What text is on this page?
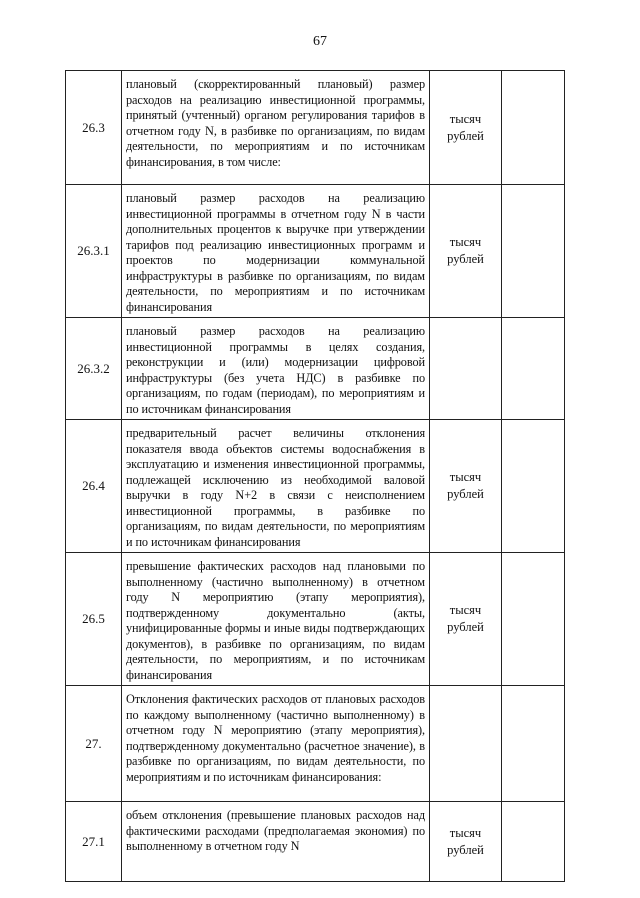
67
26.3	плановый (скорректированный плановый) размер расходов на реализацию инвестиционной программы, принятый (учтенный) органом регулирования тарифов в отчетном году N, в разбивке по организациям, по видам деятельности, по мероприятиям и по источникам финансирования, в том числе:	тысяч рублей	
26.3.1	плановый размер расходов на реализацию инвестиционной программы в отчетном году N в части дополнительных процентов к выручке при утверждении тарифов под реализацию инвестиционных программ и проектов по модернизации коммунальной инфраструктуры в разбивке по организациям, по видам деятельности, по мероприятиям и по источникам финансирования	тысяч рублей	
26.3.2	плановый размер расходов на реализацию инвестиционной программы в целях создания, реконструкции и (или) модернизации цифровой инфраструктуры (без учета НДС) в разбивке по организациям, по годам (периодам), по мероприятиям и по источникам финансирования		
26.4	предварительный расчет величины отклонения показателя ввода объектов системы водоснабжения в эксплуатацию и изменения инвестиционной программы, подлежащей исключению из необходимой валовой выручки в году N+2 в связи с неисполнением инвестиционной программы, в разбивке по организациям, по видам деятельности, по мероприятиям и по источникам финансирования	тысяч рублей	
26.5	превышение фактических расходов над плановыми по выполненному (частично выполненному) в отчетном году N мероприятию (этапу мероприятия), подтвержденному документально (акты, унифицированные формы и иные виды подтверждающих документов), в разбивке по организациям, по видам деятельности, по мероприятиям, и по источникам финансирования	тысяч рублей	
27.	Отклонения фактических расходов от плановых расходов по каждому выполненному (частично выполненному) в отчетном году N мероприятию (этапу мероприятия), подтвержденному документально (расчетное значение), в разбивке по организациям, по видам деятельности, по мероприятиям и по источникам финансирования:		
27.1	объем отклонения (превышение плановых расходов над фактическими расходами (предполагаемая экономия) по выполненному в отчетном году N	тысяч рублей	
